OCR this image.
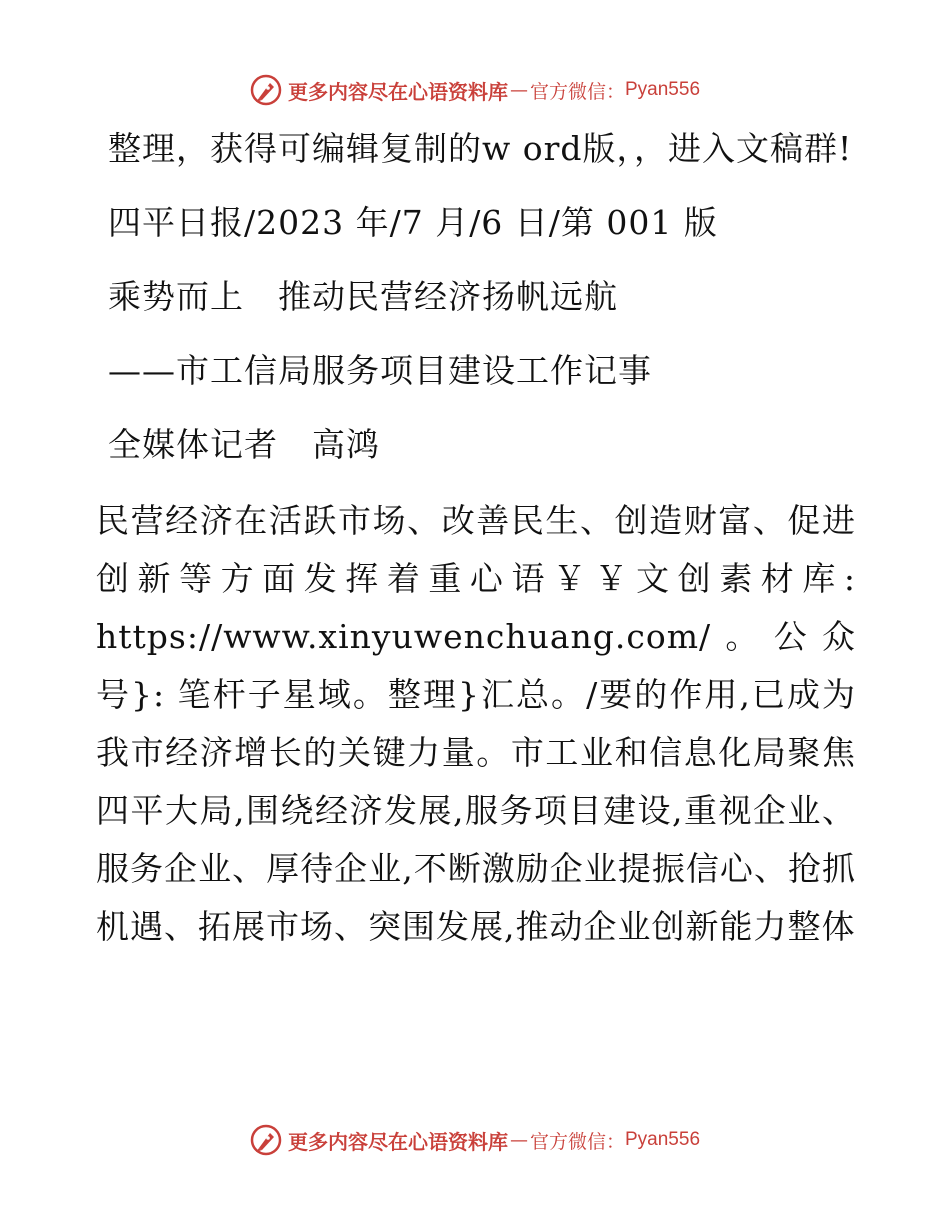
更多内容尽在心语资料库 — 官方微信： Pyan556

整理，获得可编辑复制的w ord版，，进入文稿群!

四平日报/2023 年/7 月/6 日/第 001 版

乘势而上　推动民营经济扬帆远航

——市工信局服务项目建设工作记事

全媒体记者　高鸿

民营经济在活跃市场、改善民生、创造财富、促进创新等方面发挥着重心语￥￥文创素材库: https://www.xinyuwenchuang.com/。公众号}: 笔杆子星域。整理}汇总。/要的作用,已成为我市经济增长的关键力量。市工业和信息化局聚焦四平大局,围绕经济发展,服务项目建设,重视企业、服务企业、厚待企业,不断激励企业提振信心、抢抓机遇、拓展市场、突围发展,推动企业创新能力整体

更多内容尽在心语资料库 — 官方微信： Pyan556
